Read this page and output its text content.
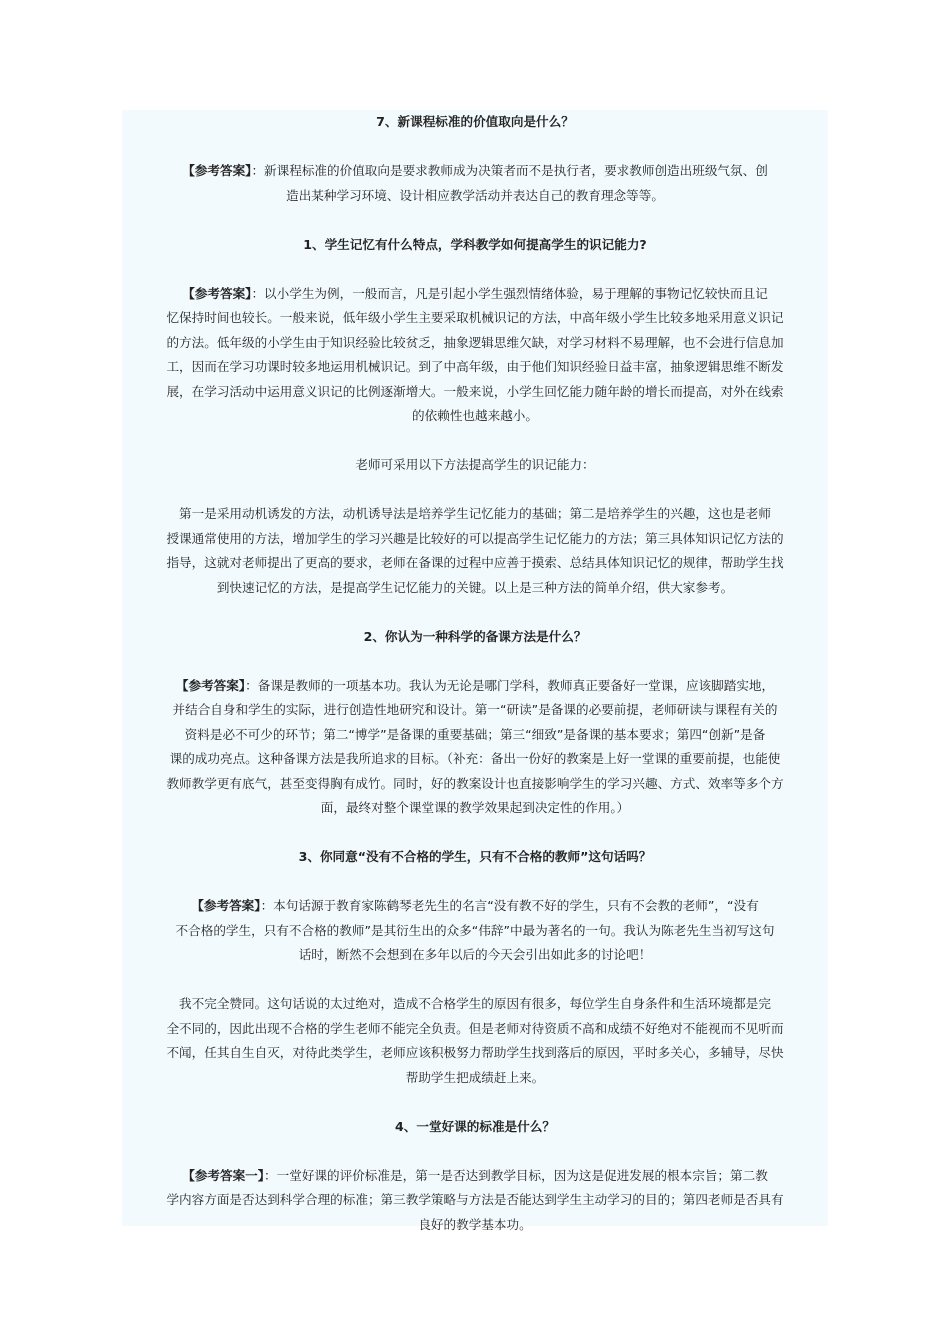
7、新课程标准的价值取向是什么？

【参考答案】：新课程标准的价值取向是要求教师成为决策者而不是执行者，要求教师创造出班级气氛、创
造出某种学习环境、设计相应教学活动并表达自己的教育理念等等。

1、学生记忆有什么特点，学科教学如何提高学生的识记能力?

【参考答案】：以小学生为例，一般而言，凡是引起小学生强烈情绪体验，易于理解的事物记忆较快而且记
忆保持时间也较长。一般来说，低年级小学生主要采取机械识记的方法，中高年级小学生比较多地采用意义识记
的方法。低年级的小学生由于知识经验比较贫乏，抽象逻辑思维欠缺，对学习材料不易理解，也不会进行信息加
工，因而在学习功课时较多地运用机械识记。到了中高年级，由于他们知识经验日益丰富，抽象逻辑思维不断发
展，在学习活动中运用意义识记的比例逐渐增大。一般来说，小学生回忆能力随年龄的增长而提高，对外在线索
的依赖性也越来越小。

老师可采用以下方法提高学生的识记能力：

第一是采用动机诱发的方法，动机诱导法是培养学生记忆能力的基础；第二是培养学生的兴趣，这也是老师
授课通常使用的方法，增加学生的学习兴趣是比较好的可以提高学生记忆能力的方法；第三具体知识记忆方法的
指导，这就对老师提出了更高的要求，老师在备课的过程中应善于摸索、总结具体知识记忆的规律，帮助学生找
到快速记忆的方法，是提高学生记忆能力的关键。以上是三种方法的简单介绍，供大家参考。

2、你认为一种科学的备课方法是什么？

【参考答案】：备课是教师的一项基本功。我认为无论是哪门学科，教师真正要备好一堂课，应该脚踏实地，
并结合自身和学生的实际，进行创造性地研究和设计。第一“研读”是备课的必要前提，老师研读与课程有关的
资料是必不可少的环节；第二“博学”是备课的重要基础；第三“细致”是备课的基本要求；第四“创新”是备
课的成功亮点。这种备课方法是我所追求的目标。（补充：备出一份好的教案是上好一堂课的重要前提，也能使
教师教学更有底气，甚至变得胸有成竹。同时，好的教案设计也直接影响学生的学习兴趣、方式、效率等多个方
面，最终对整个课堂课的教学效果起到决定性的作用。）

3、你同意“没有不合格的学生，只有不合格的教师”这句话吗？

【参考答案】：本句话源于教育家陈鹤琴老先生的名言“没有教不好的学生，只有不会教的老师”，“没有
不合格的学生，只有不合格的教师”是其衍生出的众多“伟辞”中最为著名的一句。我认为陈老先生当初写这句
话时，断然不会想到在多年以后的今天会引出如此多的讨论吧！

我不完全赞同。这句话说的太过绝对，造成不合格学生的原因有很多，每位学生自身条件和生活环境都是完
全不同的，因此出现不合格的学生老师不能完全负责。但是老师对待资质不高和成绩不好绝对不能视而不见听而
不闻，任其自生自灭，对待此类学生，老师应该积极努力帮助学生找到落后的原因，平时多关心，多辅导，尽快
帮助学生把成绩赶上来。

4、一堂好课的标准是什么？

【参考答案一】：一堂好课的评价标准是，第一是否达到教学目标，因为这是促进发展的根本宗旨；第二教
学内容方面是否达到科学合理的标准；第三教学策略与方法是否能达到学生主动学习的目的；第四老师是否具有
良好的教学基本功。
